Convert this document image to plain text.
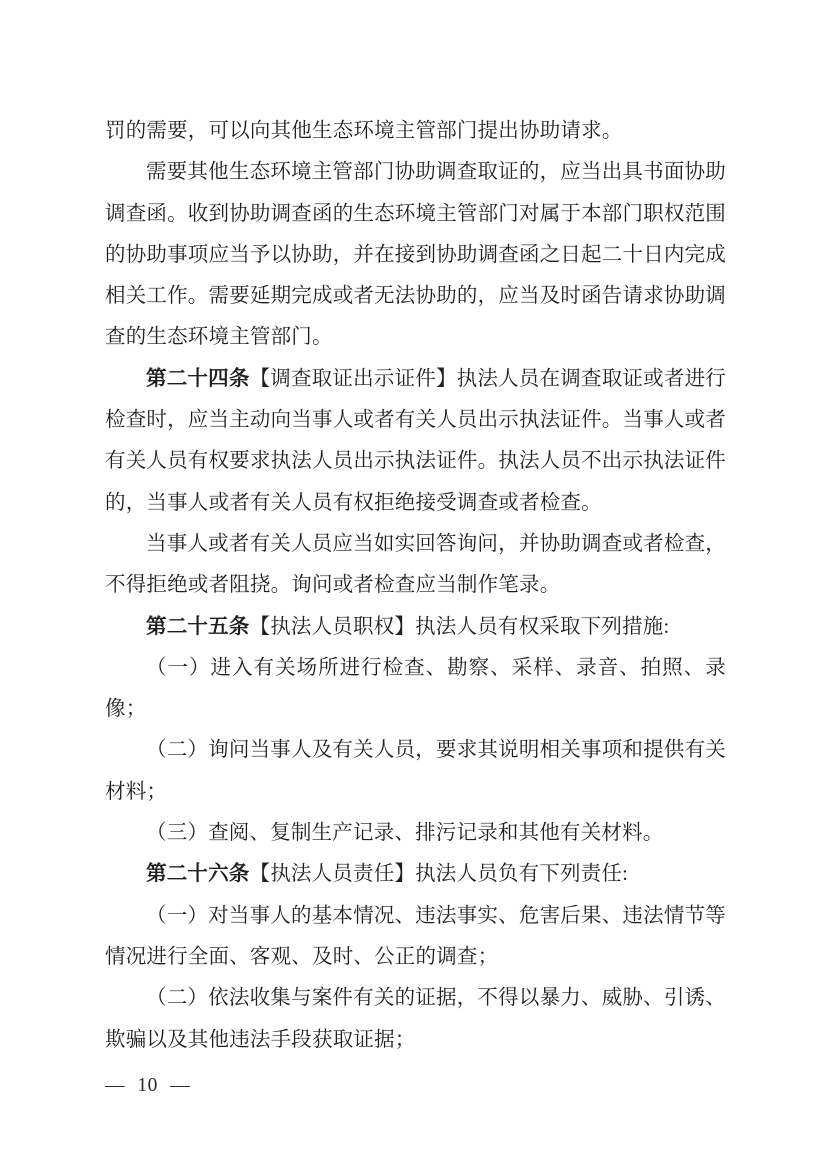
罚的需要，可以向其他生态环境主管部门提出协助请求。

需要其他生态环境主管部门协助调查取证的，应当出具书面协助调查函。收到协助调查函的生态环境主管部门对属于本部门职权范围的协助事项应当予以协助，并在接到协助调查函之日起二十日内完成相关工作。需要延期完成或者无法协助的，应当及时函告请求协助调查的生态环境主管部门。

第二十四条【调查取证出示证件】执法人员在调查取证或者进行检查时，应当主动向当事人或者有关人员出示执法证件。当事人或者有关人员有权要求执法人员出示执法证件。执法人员不出示执法证件的，当事人或者有关人员有权拒绝接受调查或者检查。

当事人或者有关人员应当如实回答询问，并协助调查或者检查，不得拒绝或者阻挠。询问或者检查应当制作笔录。

第二十五条【执法人员职权】执法人员有权采取下列措施:

（一）进入有关场所进行检查、勘察、采样、录音、拍照、录像；

（二）询问当事人及有关人员，要求其说明相关事项和提供有关材料；

（三）查阅、复制生产记录、排污记录和其他有关材料。

第二十六条【执法人员责任】执法人员负有下列责任:

（一）对当事人的基本情况、违法事实、危害后果、违法情节等情况进行全面、客观、及时、公正的调查；

（二）依法收集与案件有关的证据，不得以暴力、威胁、引诱、欺骗以及其他违法手段获取证据；

— 10 —
